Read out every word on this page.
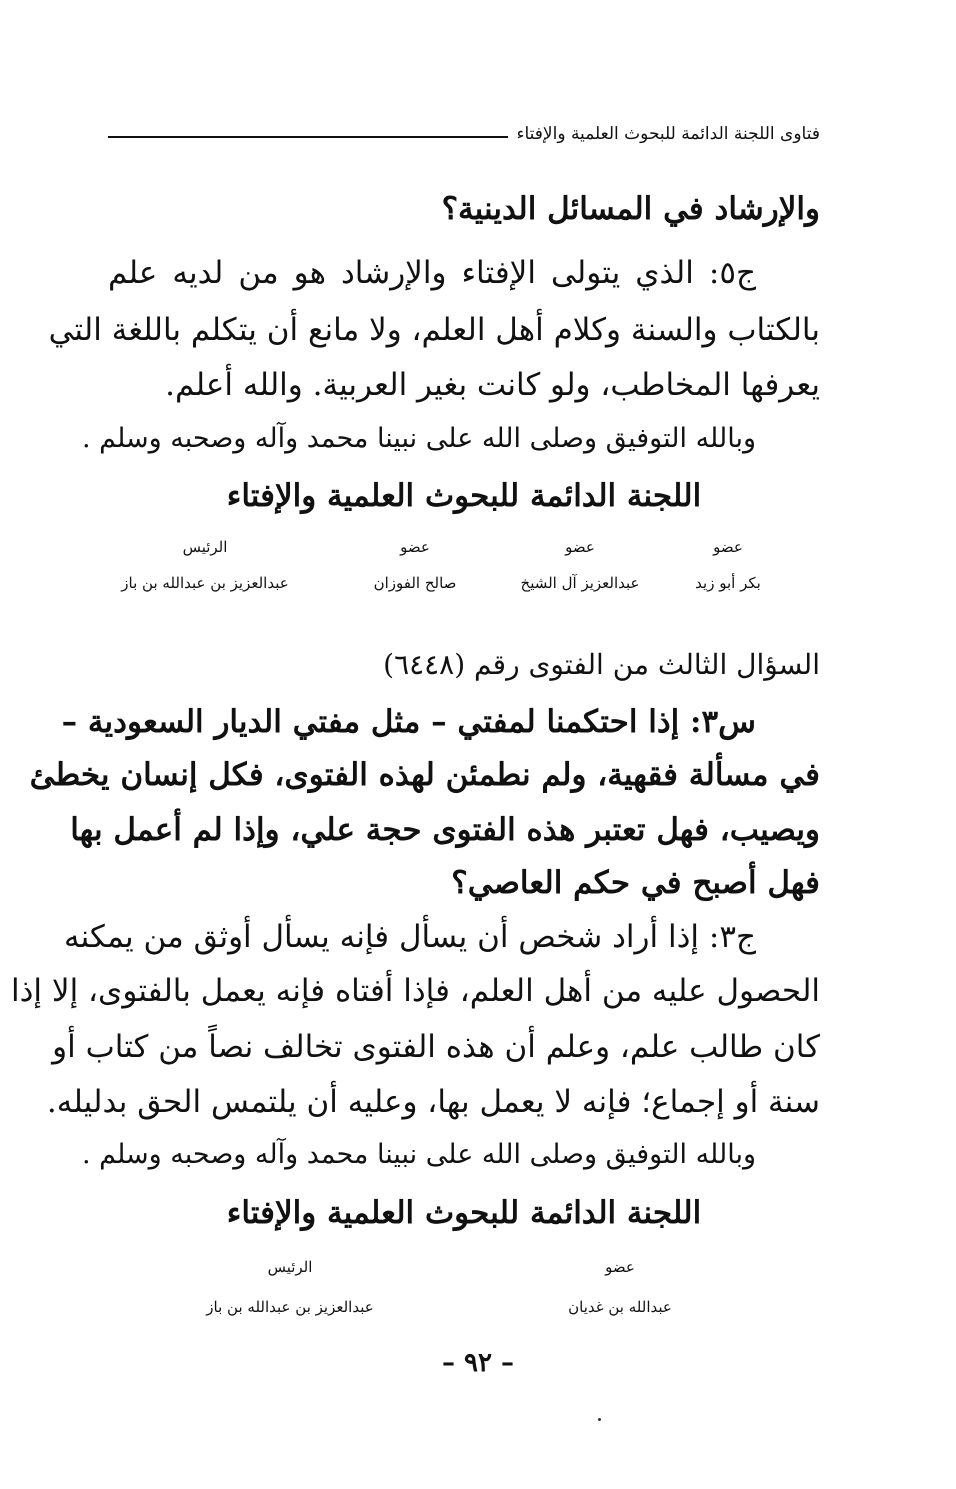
فتاوى اللجنة الدائمة للبحوث العلمية والإفتاء
والإرشاد في المسائل الدينية؟
ج٥: الذي يتولى الإفتاء والإرشاد هو من لديه علم
بالكتاب والسنة وكلام أهل العلم، ولا مانع أن يتكلم باللغة التي
يعرفها المخاطب، ولو كانت بغير العربية. والله أعلم.
وبالله التوفيق وصلى الله على نبينا محمد وآله وصحبه وسلم .
اللجنة الدائمة للبحوث العلمية والإفتاء
عضو
بكر أبو زيد
عضو
عبدالعزيز آل الشيخ
عضو
صالح الفوزان
الرئيس
عبدالعزيز بن عبدالله بن باز
السؤال الثالث من الفتوى رقم (٦٤٤٨)
س٣: إذا احتكمنا لمفتي – مثل مفتي الديار السعودية –
في مسألة فقهية، ولم نطمئن لهذه الفتوى، فكل إنسان يخطئ
ويصيب، فهل تعتبر هذه الفتوى حجة علي، وإذا لم أعمل بها
فهل أصبح في حكم العاصي؟
ج٣: إذا أراد شخص أن يسأل فإنه يسأل أوثق من يمكنه
الحصول عليه من أهل العلم، فإذا أفتاه فإنه يعمل بالفتوى، إلا إذا
كان طالب علم، وعلم أن هذه الفتوى تخالف نصاً من كتاب أو
سنة أو إجماع؛ فإنه لا يعمل بها، وعليه أن يلتمس الحق بدليله.
وبالله التوفيق وصلى الله على نبينا محمد وآله وصحبه وسلم .
اللجنة الدائمة للبحوث العلمية والإفتاء
عضو
عبدالله بن غديان
الرئيس
عبدالعزيز بن عبدالله بن باز
– ٩٢ –
